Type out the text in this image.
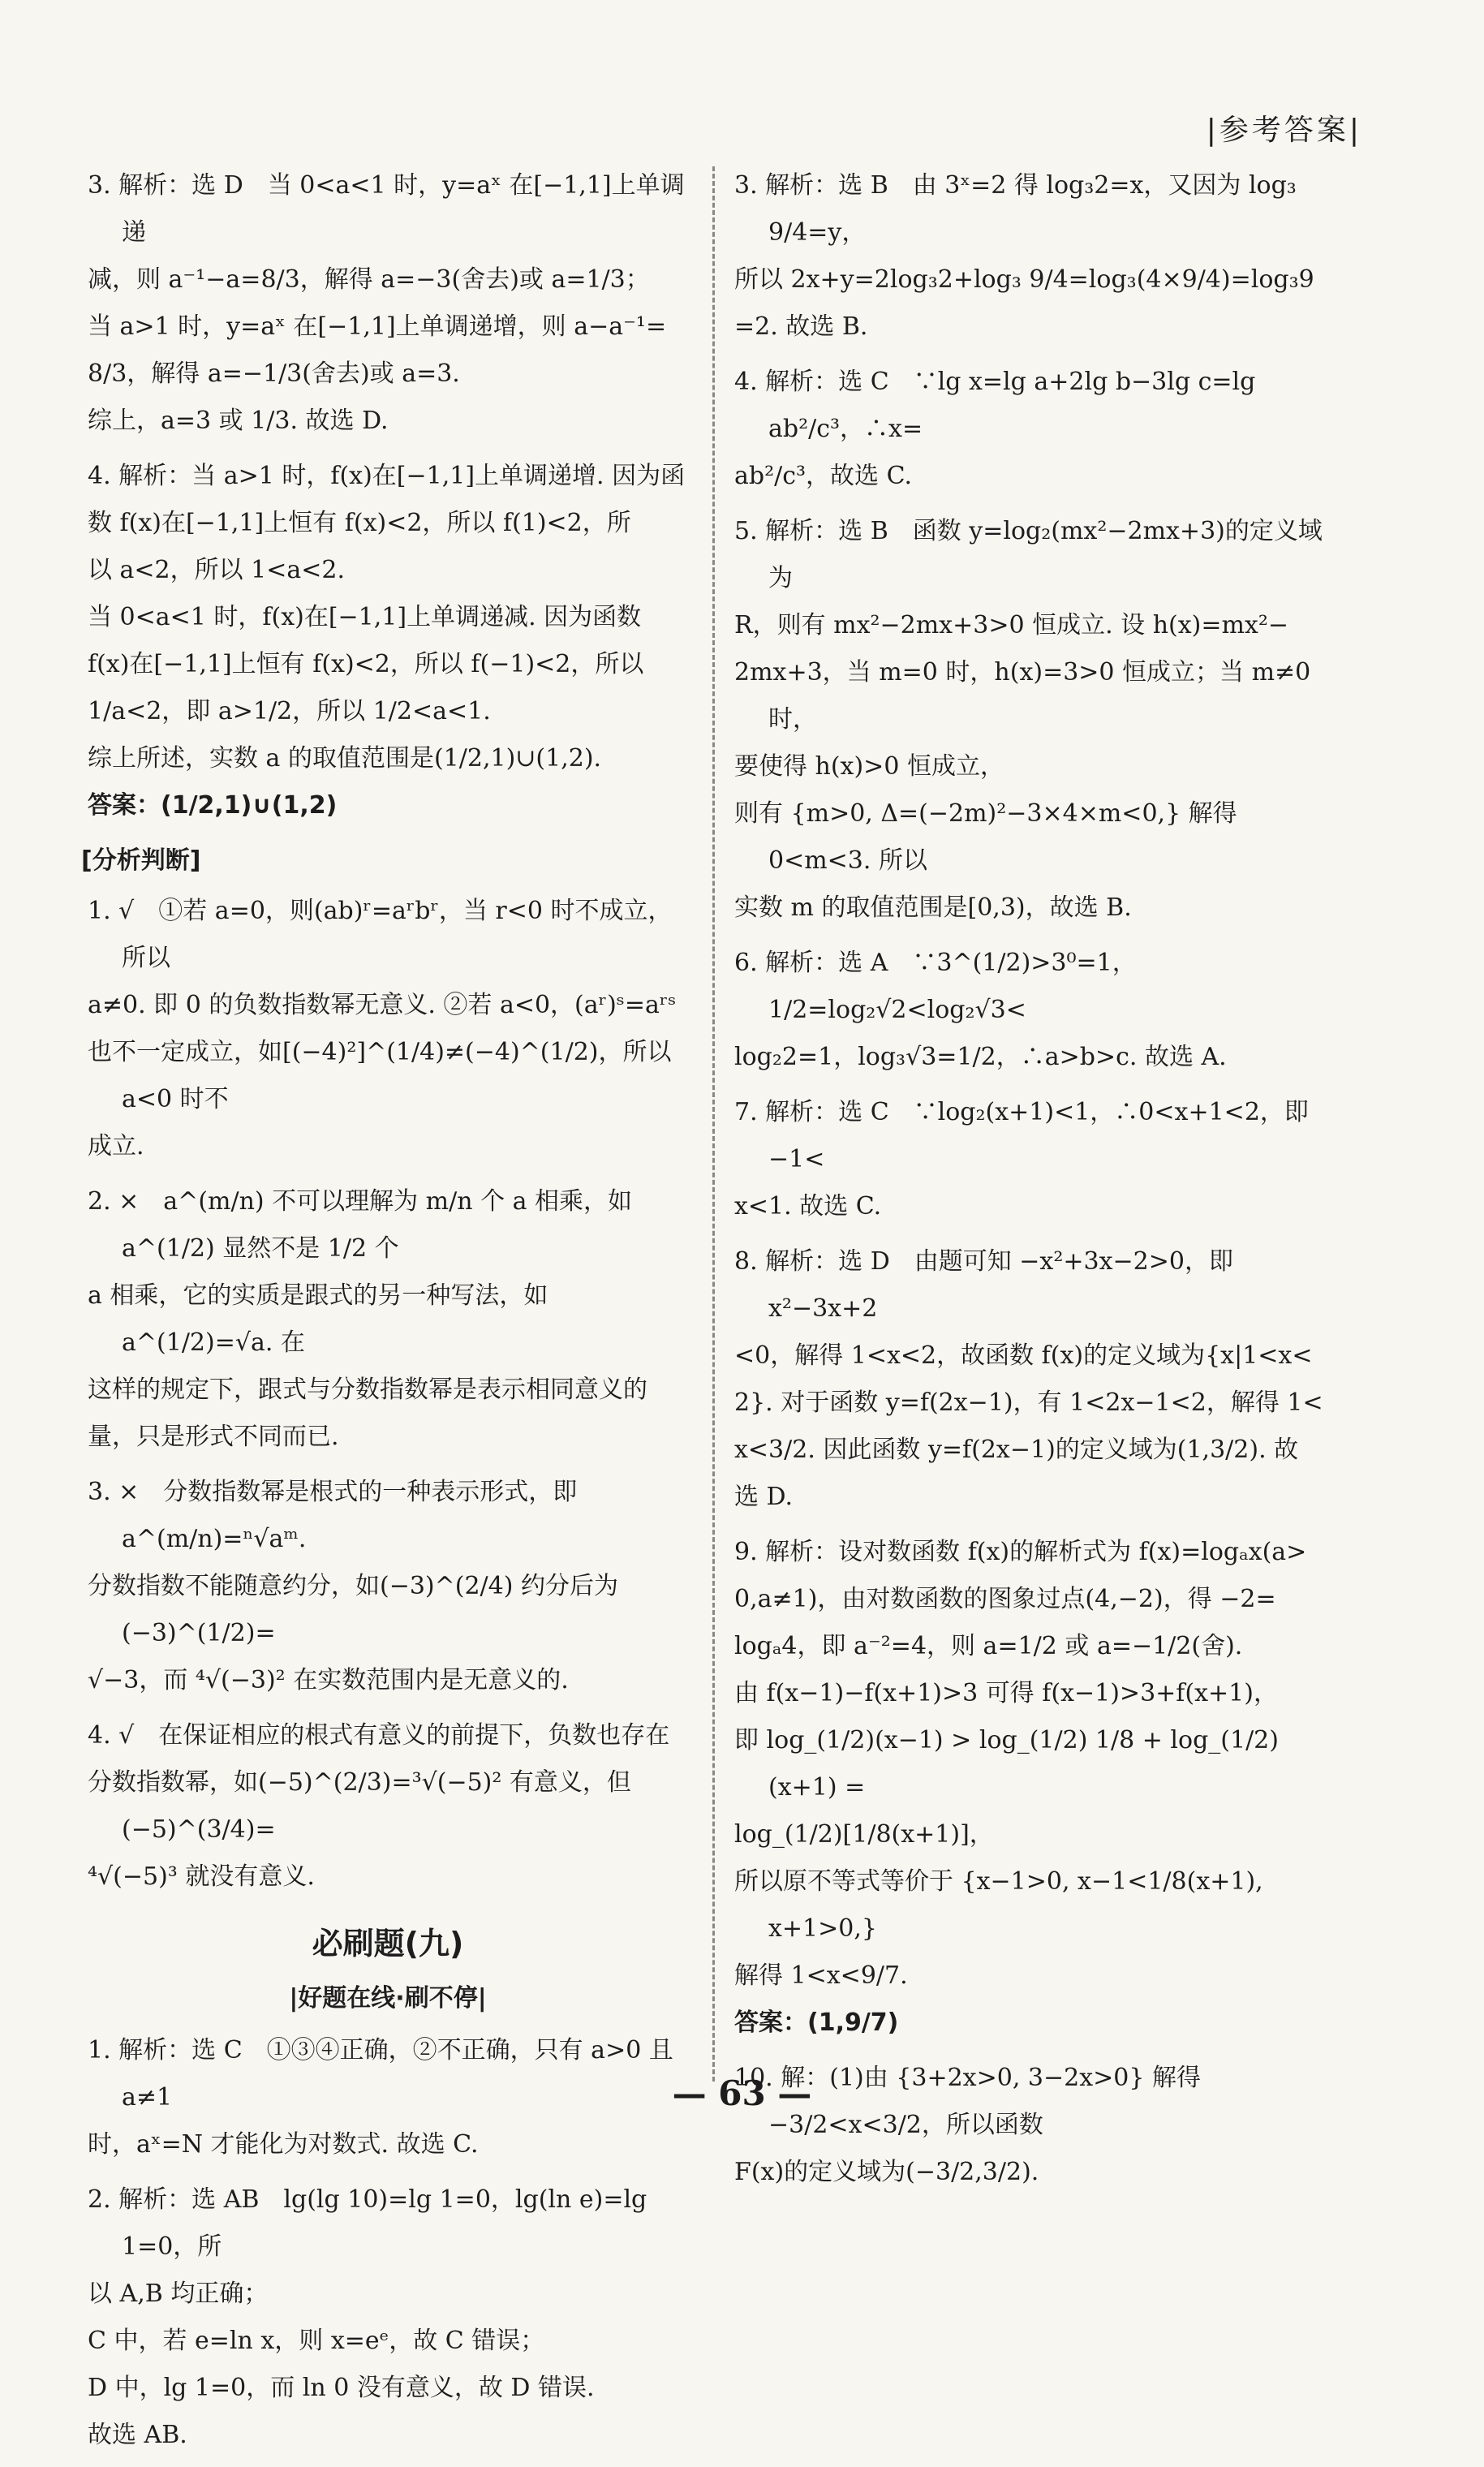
|参考答案|

3. 解析：选 D　当 0<a<1 时，y=aˣ 在[−1,1]上单调递

减，则 a⁻¹−a=8/3，解得 a=−3(舍去)或 a=1/3；

当 a>1 时，y=aˣ 在[−1,1]上单调递增，则 a−a⁻¹=

8/3，解得 a=−1/3(舍去)或 a=3.

综上，a=3 或 1/3. 故选 D.

4. 解析：当 a>1 时，f(x)在[−1,1]上单调递增. 因为函

数 f(x)在[−1,1]上恒有 f(x)<2，所以 f(1)<2，所

以 a<2，所以 1<a<2.

当 0<a<1 时，f(x)在[−1,1]上单调递减. 因为函数

f(x)在[−1,1]上恒有 f(x)<2，所以 f(−1)<2，所以

1/a<2，即 a>1/2，所以 1/2<a<1.

综上所述，实数 a 的取值范围是(1/2,1)∪(1,2).

答案：(1/2,1)∪(1,2)

[分析判断]

1. √　①若 a=0，则(ab)ʳ=aʳbʳ，当 r<0 时不成立，所以

a≠0. 即 0 的负数指数幂无意义. ②若 a<0，(aʳ)ˢ=aʳˢ

也不一定成立，如[(−4)²]^(1/4)≠(−4)^(1/2)，所以 a<0 时不

成立.

2. ×　a^(m/n) 不可以理解为 m/n 个 a 相乘，如 a^(1/2) 显然不是 1/2 个

a 相乘，它的实质是跟式的另一种写法，如 a^(1/2)=√a. 在

这样的规定下，跟式与分数指数幂是表示相同意义的

量，只是形式不同而已.

3. ×　分数指数幂是根式的一种表示形式，即 a^(m/n)=ⁿ√aᵐ.

分数指数不能随意约分，如(−3)^(2/4) 约分后为(−3)^(1/2)=

√−3，而 ⁴√(−3)² 在实数范围内是无意义的.

4. √　在保证相应的根式有意义的前提下，负数也存在

分数指数幂，如(−5)^(2/3)=³√(−5)² 有意义，但(−5)^(3/4)=

⁴√(−5)³ 就没有意义.

必刷题(九)
|好题在线·刷不停|

1. 解析：选 C　①③④正确，②不正确，只有 a>0 且 a≠1

时，aˣ=N 才能化为对数式. 故选 C.

2. 解析：选 AB　lg(lg 10)=lg 1=0，lg(ln e)=lg 1=0，所

以 A,B 均正确；

C 中，若 e=ln x，则 x=eᵉ，故 C 错误；

D 中，lg 1=0，而 ln 0 没有意义，故 D 错误.

故选 AB.

3. 解析：选 B　由 3ˣ=2 得 log₃2=x，又因为 log₃ 9/4=y，

所以 2x+y=2log₃2+log₃ 9/4=log₃(4×9/4)=log₃9

=2. 故选 B.

4. 解析：选 C　∵lg x=lg a+2lg b−3lg c=lg ab²/c³，∴x=

ab²/c³，故选 C.

5. 解析：选 B　函数 y=log₂(mx²−2mx+3)的定义域为

R，则有 mx²−2mx+3>0 恒成立. 设 h(x)=mx²−

2mx+3，当 m=0 时，h(x)=3>0 恒成立；当 m≠0 时，

要使得 h(x)>0 恒成立，

则有 {m>0, Δ=(−2m)²−3×4×m<0,} 解得 0<m<3. 所以

实数 m 的取值范围是[0,3)，故选 B.

6. 解析：选 A　∵3^(1/2)>3⁰=1，1/2=log₂√2<log₂√3<

log₂2=1，log₃√3=1/2，∴a>b>c. 故选 A.

7. 解析：选 C　∵log₂(x+1)<1，∴0<x+1<2，即 −1<

x<1. 故选 C.

8. 解析：选 D　由题可知 −x²+3x−2>0，即 x²−3x+2

<0，解得 1<x<2，故函数 f(x)的定义域为{x|1<x<

2}. 对于函数 y=f(2x−1)，有 1<2x−1<2，解得 1<

x<3/2. 因此函数 y=f(2x−1)的定义域为(1,3/2). 故

选 D.

9. 解析：设对数函数 f(x)的解析式为 f(x)=logₐx(a>

0,a≠1)，由对数函数的图象过点(4,−2)，得 −2=

logₐ4，即 a⁻²=4，则 a=1/2 或 a=−1/2(舍).

由 f(x−1)−f(x+1)>3 可得 f(x−1)>3+f(x+1)，

即 log_(1/2)(x−1) > log_(1/2) 1/8 + log_(1/2)(x+1) =

log_(1/2)[1/8(x+1)]，

所以原不等式等价于 {x−1>0, x−1<1/8(x+1), x+1>0,}

解得 1<x<9/7.

答案：(1,9/7)

10. 解：(1)由 {3+2x>0, 3−2x>0} 解得 −3/2<x<3/2，所以函数

F(x)的定义域为(−3/2,3/2).

— 63 —
